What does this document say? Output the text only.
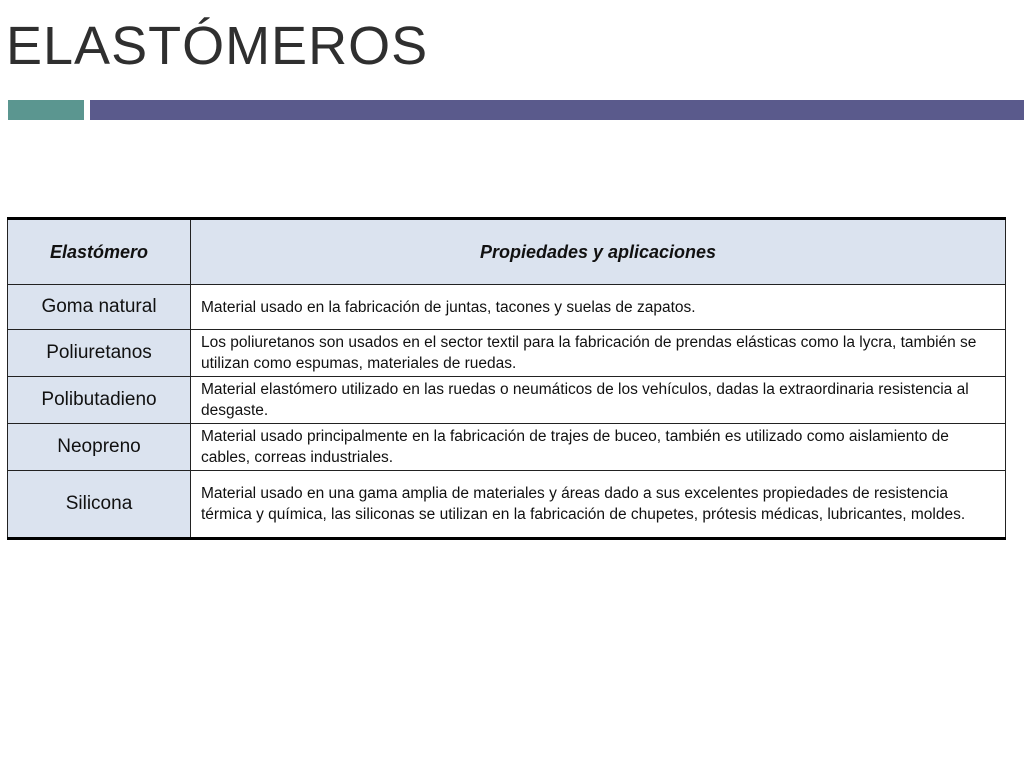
ELASTÓMEROS
Elastómero	Propiedades y aplicaciones
Goma natural	Material usado en la fabricación de juntas, tacones y suelas de zapatos.
Poliuretanos	Los poliuretanos son usados en el sector textil para la fabricación de prendas elásticas como la lycra, también se utilizan como espumas, materiales de ruedas.
Polibutadieno	Material elastómero utilizado en las ruedas o neumáticos de los vehículos, dadas la extraordinaria resistencia al desgaste.
Neopreno	Material usado principalmente en la fabricación de trajes de buceo, también es utilizado como aislamiento de cables, correas industriales.
Silicona	Material usado en una gama amplia de materiales y áreas dado a sus excelentes propiedades de resistencia térmica y química, las siliconas se utilizan en la fabricación de chupetes, prótesis médicas, lubricantes, moldes.
